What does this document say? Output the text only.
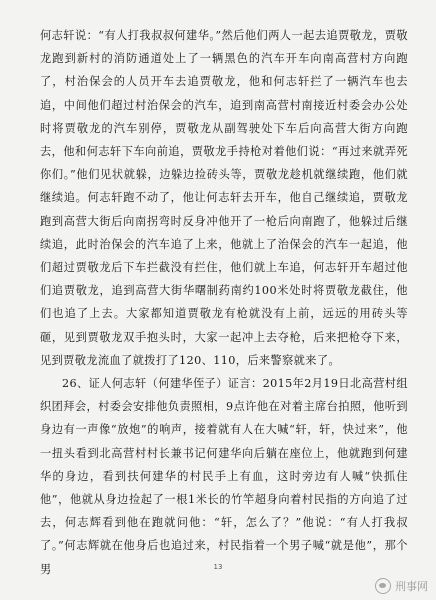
何志轩说：“有人打我叔叔何建华。”然后他们两人一起去追贾敬龙，贾敬龙跑到新村的消防通道处上了一辆黑色的汽车开车向南高营村方向跑了，村治保会的人员开车去追贾敬龙，他和何志轩拦了一辆汽车也去追，中间他们超过村治保会的汽车，追到南高营村南接近村委会办公处时将贾敬龙的汽车别停，贾敬龙从副驾驶处下车后向高营大街方向跑去，他和何志轩下车向前追，贾敬龙手持枪对着他们说：“再过来就弄死你们。”他们见状就躲，边躲边捡砖头等，贾敬龙趁机就继续跑，他们就继续追。何志轩跑不动了，他让何志轩去开车，他自己继续追，贾敬龙跑到高营大街后向南拐弯时反身冲他开了一枪后向南跑了，他躲过后继续追，此时治保会的汽车追了上来，他就上了治保会的汽车一起追，他们超过贾敬龙后下车拦截没有拦住，他们就上车追，何志轩开车超过他们追贾敬龙，追到高营大街华曙制药南约100米处时将贾敬龙截住，他们也追了上去。大家都知道贾敬龙有枪就没有上前，远远的用砖头等砸，见到贾敬龙双手抱头时，大家一起冲上去夺枪，后来把枪夺下来，见到贾敬龙流血了就拨打了120、110，后来警察就来了。

26、证人何志轩（何建华侄子）证言：2015年2月19日北高营村组织团拜会，村委会安排他负责照相，9点许他在对着主席台拍照，他听到身边有一声像“放炮”的响声，接着就有人在大喊“轩，轩，快过来”，他一扭头看到北高营村村长兼书记何建华向后躺在座位上，他就跑到何建华的身边，看到扶何建华的村民手上有血，这时旁边有人喊“快抓住他”，他就从身边捡起了一根1米长的竹竿超身向着村民指的方向追了过去，何志辉看到他在跑就问他：“轩，怎么了？”他说：“有人打我叔了。”何志辉就在他身后也追过来，村民指着一个男子喊“就是他”，那个男	13
刑事网
